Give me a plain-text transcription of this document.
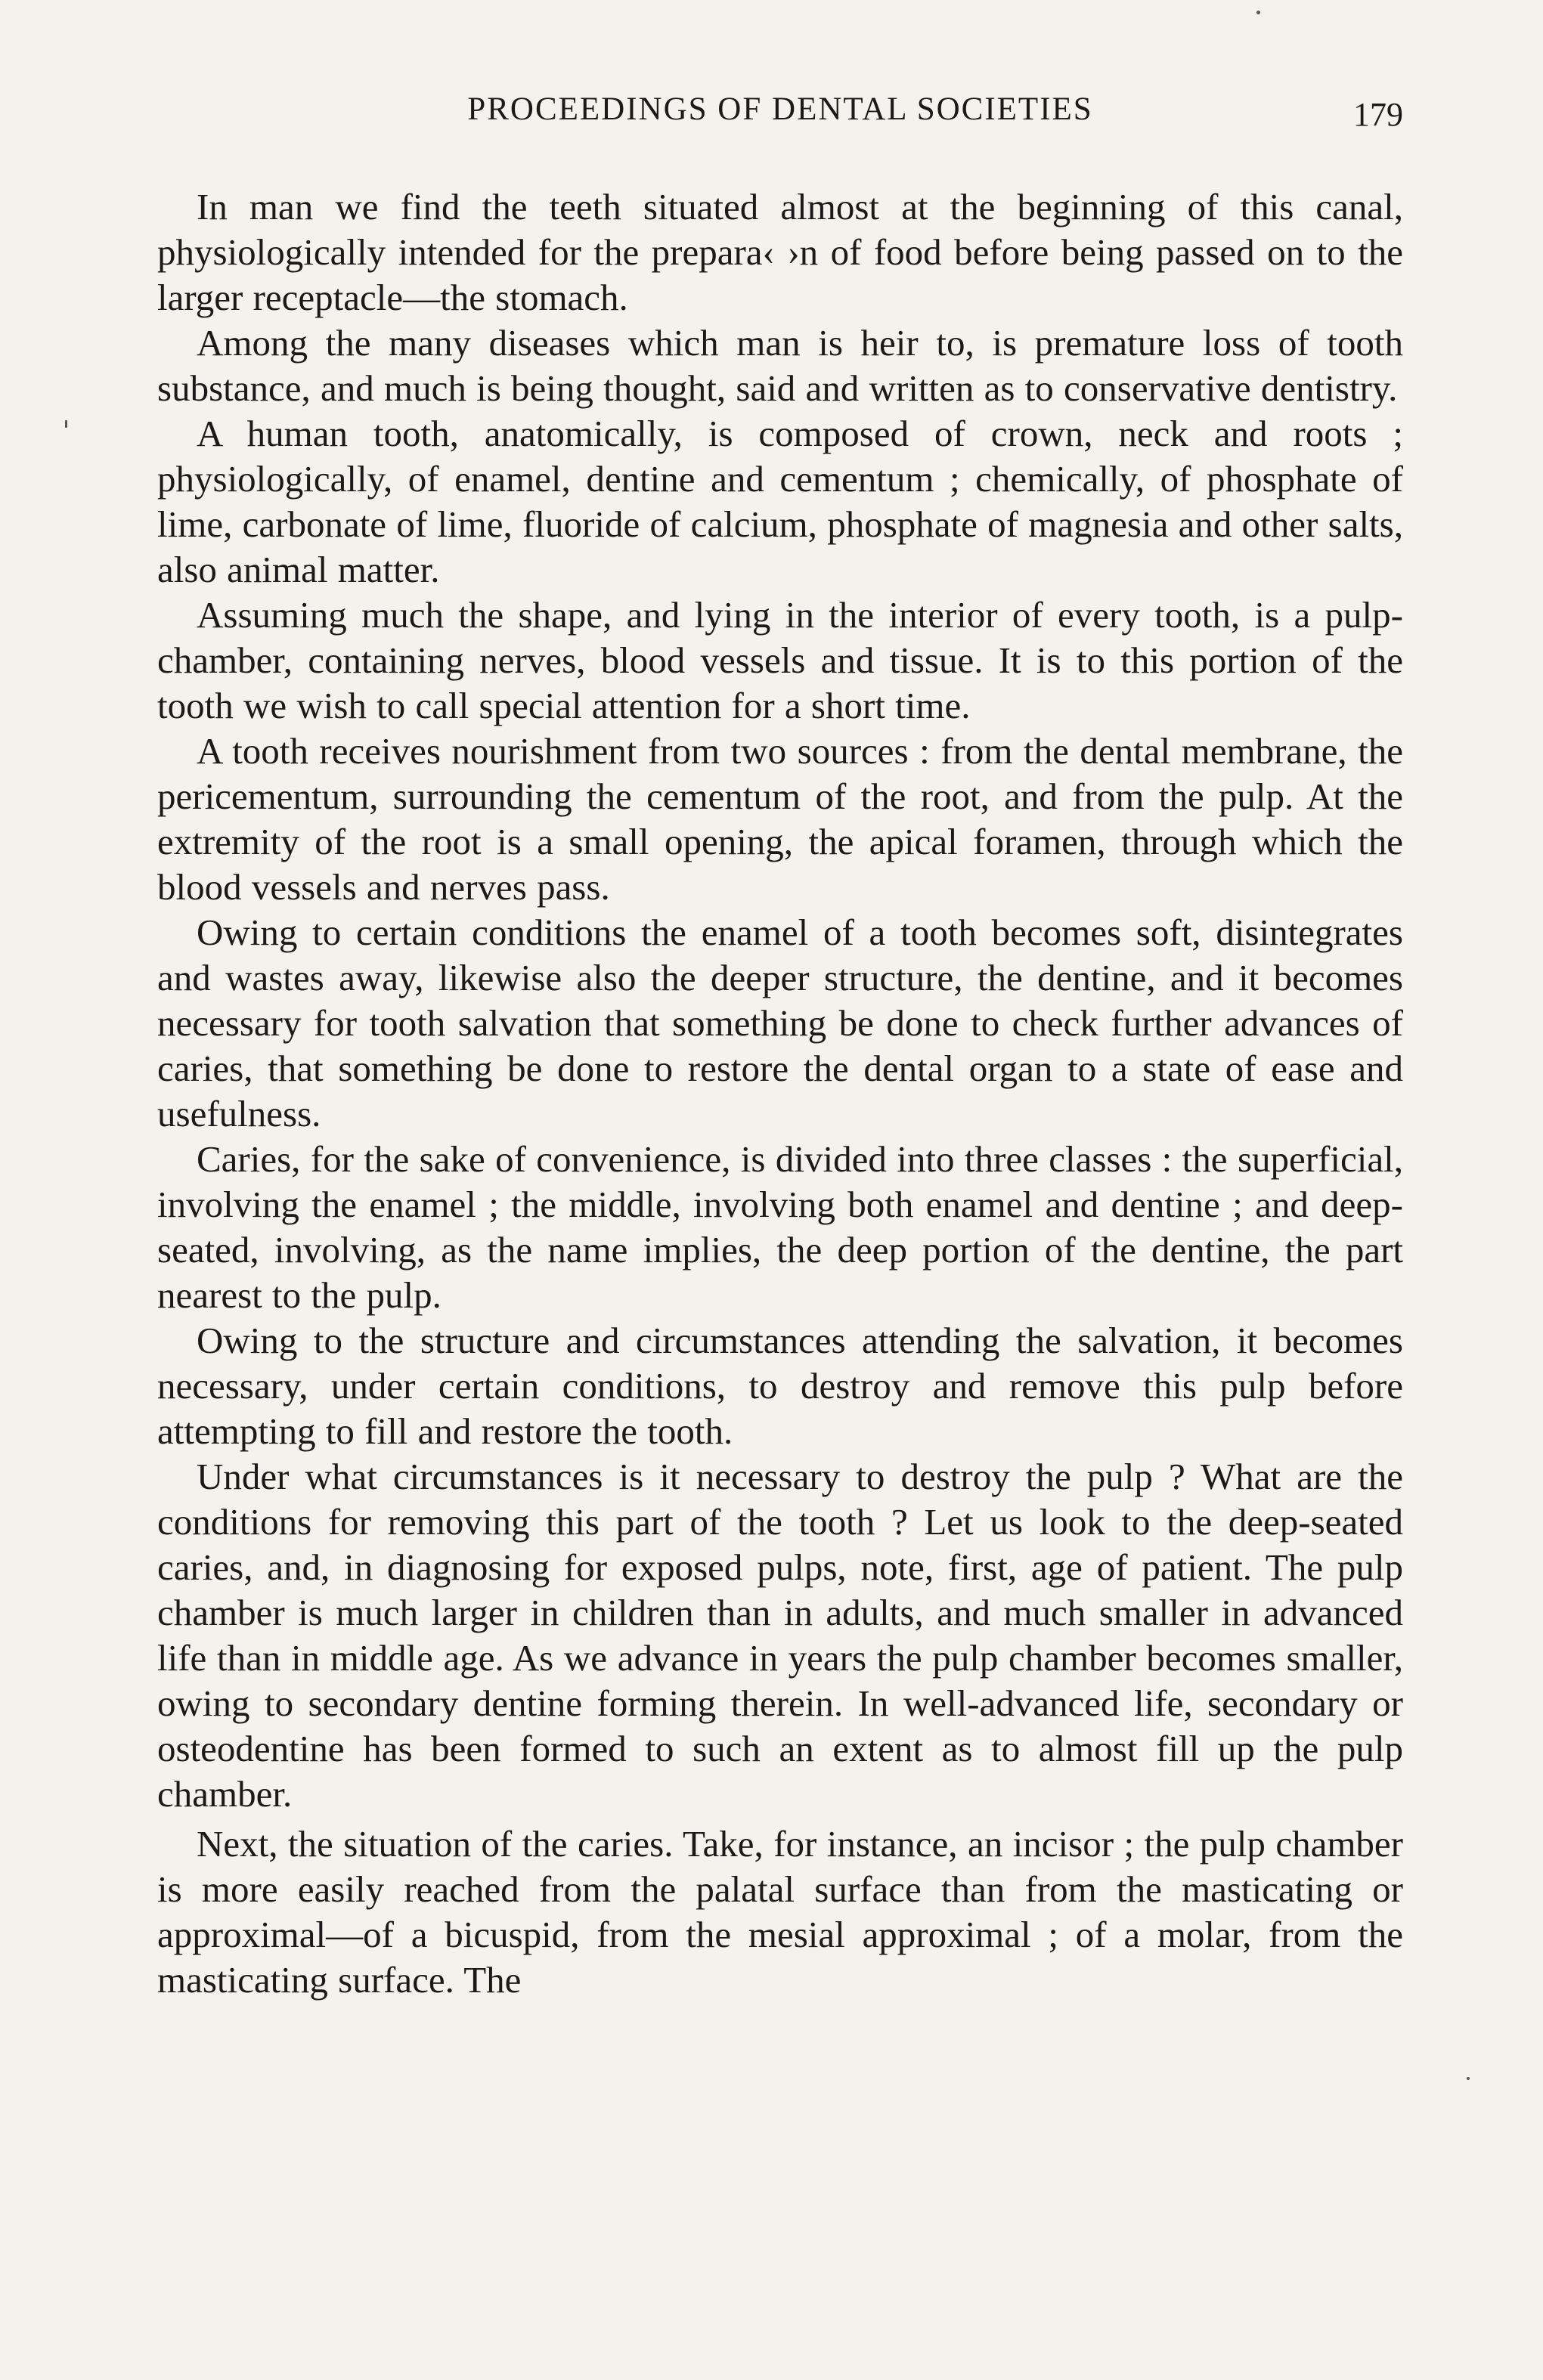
PROCEEDINGS OF DENTAL SOCIETIES	179

In man we find the teeth situated almost at the beginning of this canal, physiologically intended for the prepara‹ ›n of food before being passed on to the larger receptacle—the stomach.

Among the many diseases which man is heir to, is premature loss of tooth substance, and much is being thought, said and written as to conservative dentistry.

A human tooth, anatomically, is composed of crown, neck and roots ; physiologically, of enamel, dentine and cementum ; chemically, of phosphate of lime, carbonate of lime, fluoride of calcium, phosphate of magnesia and other salts, also animal matter.

Assuming much the shape, and lying in the interior of every tooth, is a pulp-chamber, containing nerves, blood vessels and tissue. It is to this portion of the tooth we wish to call special attention for a short time.

A tooth receives nourishment from two sources : from the dental membrane, the pericementum, surrounding the cementum of the root, and from the pulp. At the extremity of the root is a small opening, the apical foramen, through which the blood vessels and nerves pass.

Owing to certain conditions the enamel of a tooth becomes soft, disintegrates and wastes away, likewise also the deeper structure, the dentine, and it becomes necessary for tooth salvation that something be done to check further advances of caries, that something be done to restore the dental organ to a state of ease and usefulness.

Caries, for the sake of convenience, is divided into three classes : the superficial, involving the enamel ; the middle, involving both enamel and dentine ; and deep-seated, involving, as the name implies, the deep portion of the dentine, the part nearest to the pulp.

Owing to the structure and circumstances attending the salvation, it becomes necessary, under certain conditions, to destroy and remove this pulp before attempting to fill and restore the tooth.

Under what circumstances is it necessary to destroy the pulp ? What are the conditions for removing this part of the tooth ? Let us look to the deep-seated caries, and, in diagnosing for exposed pulps, note, first, age of patient. The pulp chamber is much larger in children than in adults, and much smaller in advanced life than in middle age. As we advance in years the pulp chamber becomes smaller, owing to secondary dentine forming therein. In well-advanced life, secondary or osteodentine has been formed to such an extent as to almost fill up the pulp chamber.

Next, the situation of the caries. Take, for instance, an incisor ; the pulp chamber is more easily reached from the palatal surface than from the masticating or approximal—of a bicuspid, from the mesial approximal ; of a molar, from the masticating surface. The
